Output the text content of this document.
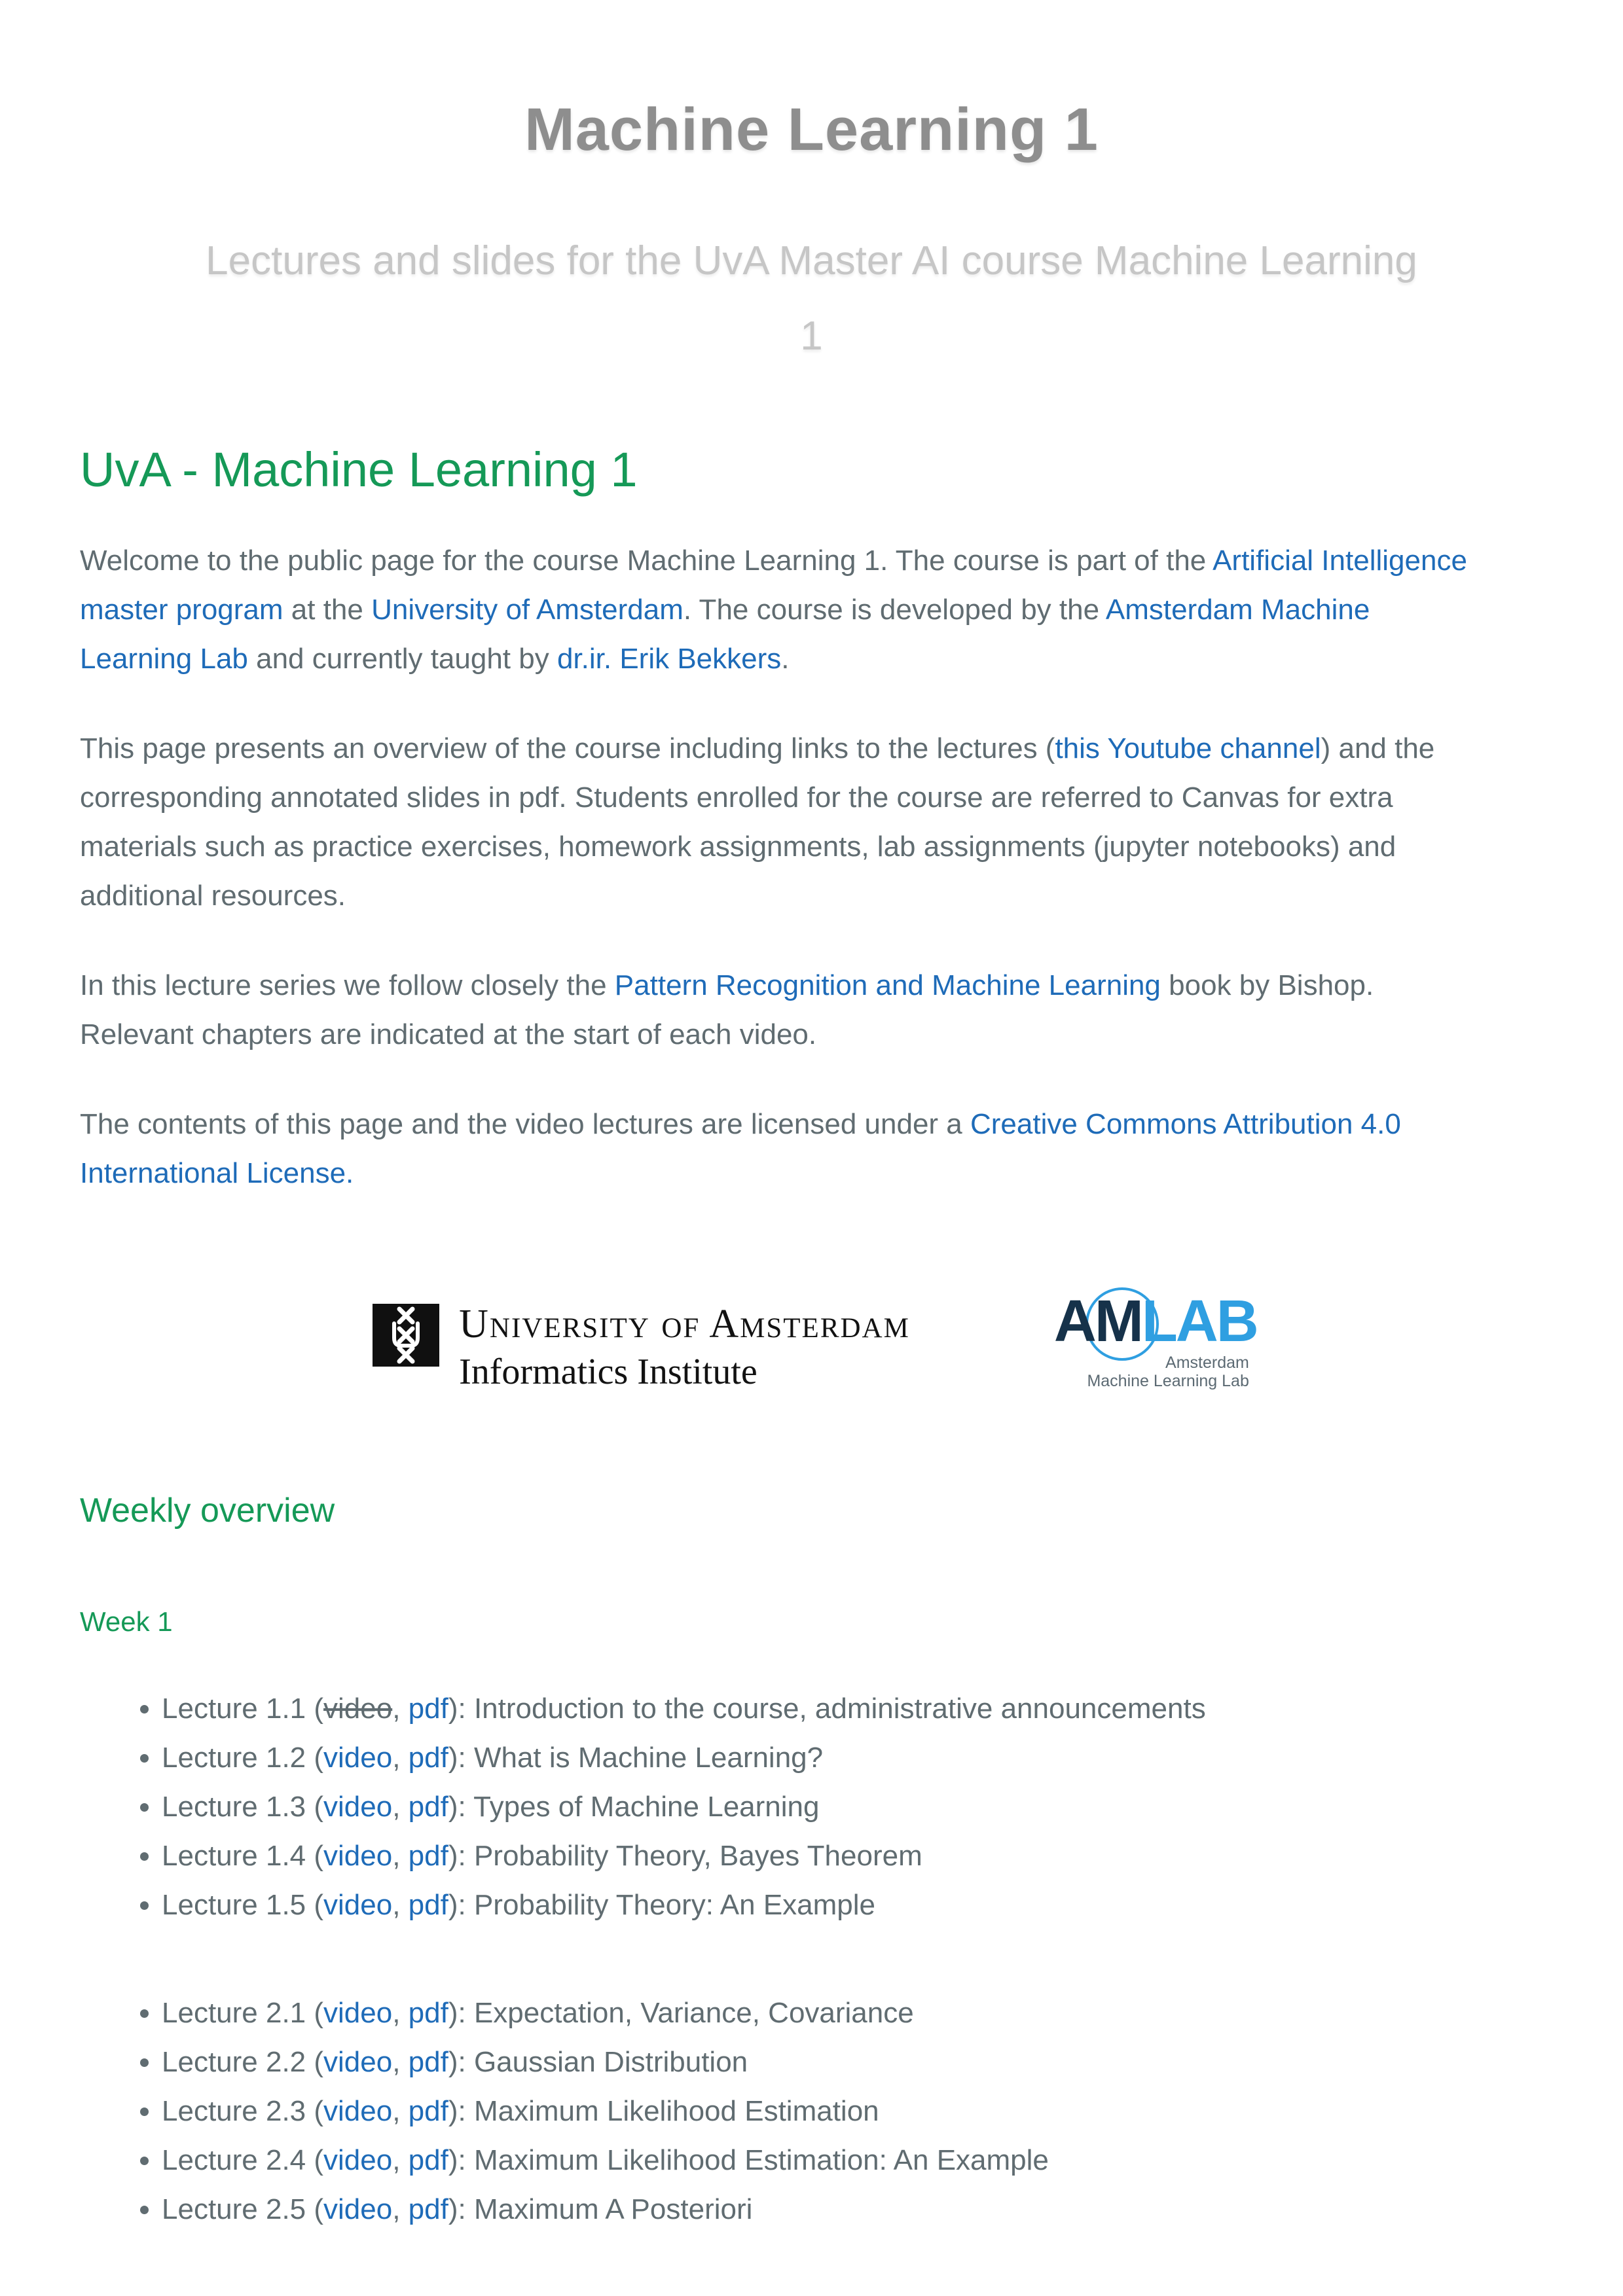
Machine Learning 1

Lectures and slides for the UvA Master AI course Machine Learning 1

UvA - Machine Learning 1

Welcome to the public page for the course Machine Learning 1. The course is part of the Artificial Intelligence master program at the University of Amsterdam. The course is developed by the Amsterdam Machine Learning Lab and currently taught by dr.ir. Erik Bekkers.

This page presents an overview of the course including links to the lectures (this Youtube channel) and the corresponding annotated slides in pdf. Students enrolled for the course are referred to Canvas for extra materials such as practice exercises, homework assignments, lab assignments (jupyter notebooks) and additional resources.

In this lecture series we follow closely the Pattern Recognition and Machine Learning book by Bishop. Relevant chapters are indicated at the start of each video.

The contents of this page and the video lectures are licensed under a Creative Commons Attribution 4.0 International License.

University of Amsterdam
Informatics Institute
AMLAB
Amsterdam
Machine Learning Lab
Weekly overview
Week 1
• Lecture 1.1 (video, pdf): Introduction to the course, administrative announcements
• Lecture 1.2 (video, pdf): What is Machine Learning?
• Lecture 1.3 (video, pdf): Types of Machine Learning
• Lecture 1.4 (video, pdf): Probability Theory, Bayes Theorem
• Lecture 1.5 (video, pdf): Probability Theory: An Example
• Lecture 2.1 (video, pdf): Expectation, Variance, Covariance
• Lecture 2.2 (video, pdf): Gaussian Distribution
• Lecture 2.3 (video, pdf): Maximum Likelihood Estimation
• Lecture 2.4 (video, pdf): Maximum Likelihood Estimation: An Example
• Lecture 2.5 (video, pdf): Maximum A Posteriori
